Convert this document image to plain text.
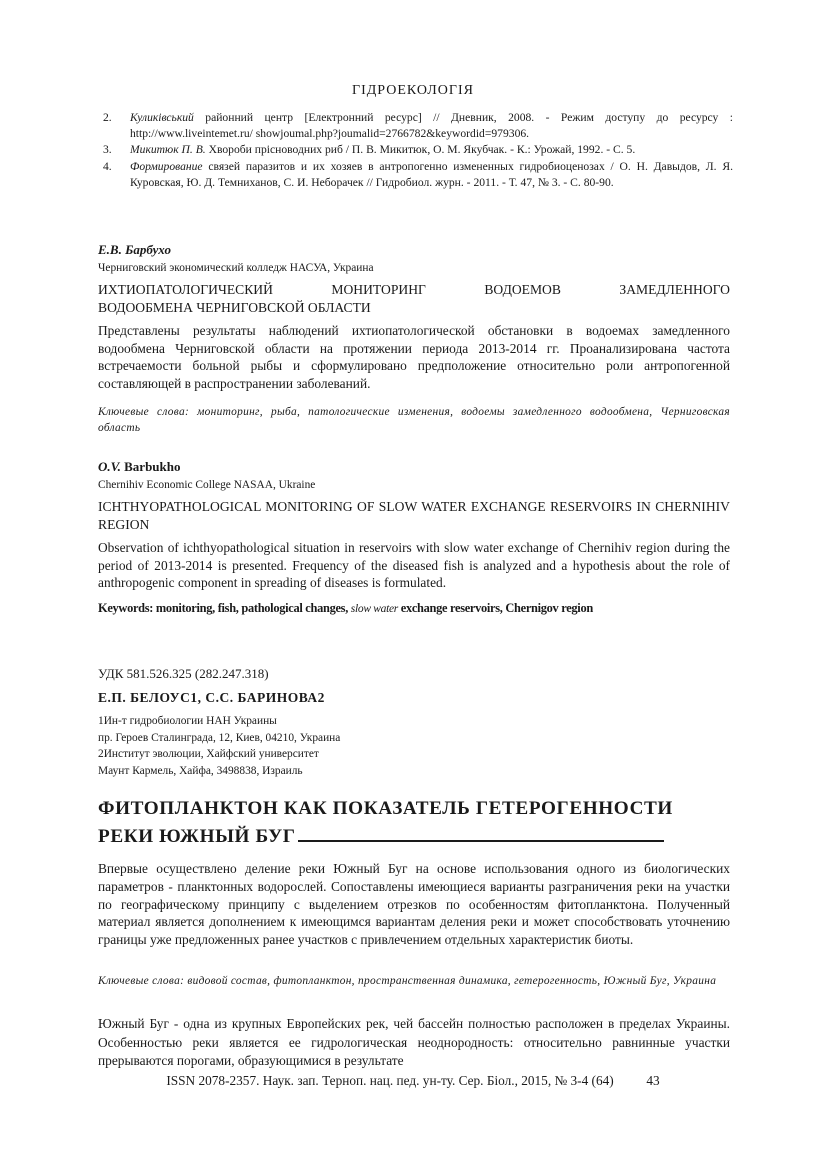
ГІДРОЕКОЛОГІЯ
2. Куликівський районний центр [Електронний ресурс] // Дневник, 2008. - Режим доступу до ресурсу : http://www.liveintemet.ru/ showjoumal.php?joumalid=2766782&keywordid=979306.
3. Микитюк П. В. Хвороби прісноводних риб / П. В. Микитюк, О. М. Якубчак. - К.: Урожай, 1992. - С. 5.
4. Формирование связей паразитов и их хозяев в антропогенно измененных гидробиоценозах / О. Н. Давыдов, Л. Я. Куровская, Ю. Д. Темниханов, С. И. Неборачек // Гидробиол. журн. - 2011. - Т. 47, № 3. - С. 80-90.
Е.В. Барбухо
Черниговский экономический колледж НАСУА, Украина
ИХТИОПАТОЛОГИЧЕСКИЙ	МОНИТОРИНГ	ВОДОЕМОВ	ЗАМЕДЛЕННОГО
ВОДООБМЕНА ЧЕРНИГОВСКОЙ ОБЛАСТИ
Представлены результаты наблюдений ихтиопатологической обстановки в водоемах замедленного водообмена Черниговской области на протяжении периода 2013-2014 гг. Проанализирована частота встречаемости больной рыбы и сформулировано предположение относительно роли антропогенной составляющей в распространении заболеваний.
Ключевые слова: мониторинг, рыба, патологические изменения, водоемы замедленного водообмена, Черниговская область
O.V. Barbukho
Chernihiv Economic College NASAA, Ukraine
ICHTHYOPATHOLOGICAL MONITORING OF SLOW WATER EXCHANGE RESERVOIRS IN CHERNIHIV REGION
Observation of ichthyopathological situation in reservoirs with slow water exchange of Chernihiv region during the period of 2013-2014 is presented. Frequency of the diseased fish is analyzed and a hypothesis about the role of anthropogenic component in spreading of diseases is formulated.
Keywords: monitoring, fish, pathological changes, slow water exchange reservoirs, Chernigov region
УДК 581.526.325 (282.247.318)
Е.П. БЕЛОУС1, С.С. БАРИНОВА2
1Ин-т гидробиологии НАН Украины
пр. Героев Сталинграда, 12, Киев, 04210, Украина
2Институт эволюции, Хайфский университет
Маунт Кармель, Хайфа, 3498838, Израиль
ФИТОПЛАНКТОН КАК ПОКАЗАТЕЛЬ ГЕТЕРОГЕННОСТИ
РЕКИ ЮЖНЫЙ БУГ
Впервые осуществлено деление реки Южный Буг на основе использования одного из биологических параметров - планктонных водорослей. Сопоставлены имеющиеся варианты разграничения реки на участки по географическому принципу с выделением отрезков по особенностям фитопланктона. Полученный материал является дополнением к имеющимся вариантам деления реки и может способствовать уточнению границы уже предложенных ранее участков с привлечением отдельных характеристик биоты.
Ключевые слова: видовой состав, фитопланктон, пространственная динамика, гетерогенность, Южный Буг, Украина
Южный Буг - одна из крупных Европейских рек, чей бассейн полностью расположен в пределах Украины. Особенностью реки является ее гидрологическая неоднородность: относительно равнинные участки прерываются порогами, образующимися в результате
ISSN 2078-2357. Наук. зап. Терноп. нац. пед. ун-ту. Сер. Біол., 2015, № 3-4 (64) 43
